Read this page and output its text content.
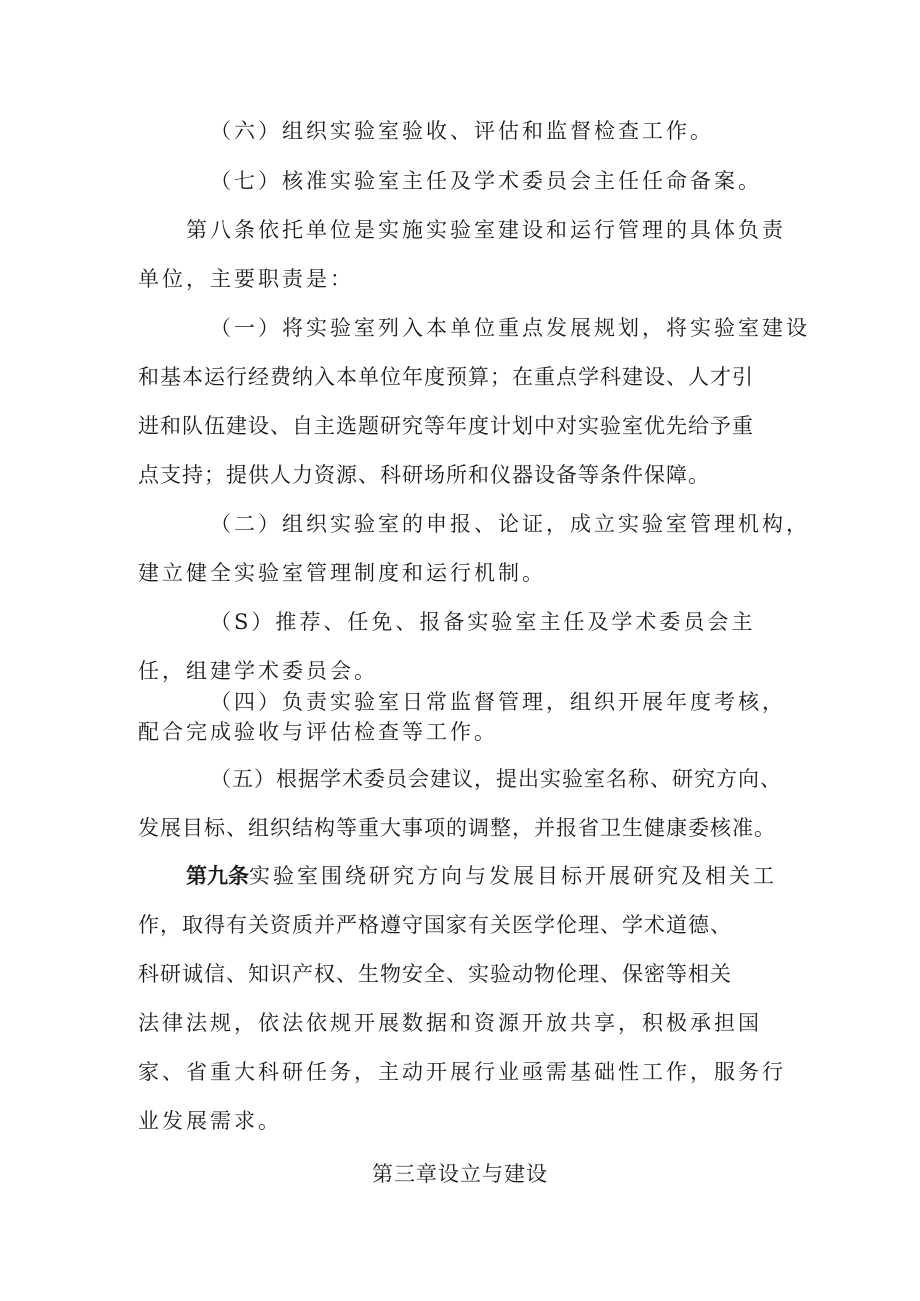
（六）组织实验室验收、评估和监督检查工作。
（七）核准实验室主任及学术委员会主任任命备案。
第八条依托单位是实施实验室建设和运行管理的具体负责
单位，主要职责是：
（一）将实验室列入本单位重点发展规划，将实验室建设
和基本运行经费纳入本单位年度预算；在重点学科建设、人才引
进和队伍建设、自主选题研究等年度计划中对实验室优先给予重
点支持；提供人力资源、科研场所和仪器设备等条件保障。
（二）组织实验室的申报、论证，成立实验室管理机构，
建立健全实验室管理制度和运行机制。
（S）推荐、任免、报备实验室主任及学术委员会主
任，组建学术委员会。
（四）负责实验室日常监督管理，组织开展年度考核，
配合完成验收与评估检查等工作。
（五）根据学术委员会建议，提出实验室名称、研究方向、
发展目标、组织结构等重大事项的调整，并报省卫生健康委核准。
第九条实验室围绕研究方向与发展目标开展研究及相关工
作，取得有关资质并严格遵守国家有关医学伦理、学术道德、
科研诚信、知识产权、生物安全、实验动物伦理、保密等相关
法律法规，依法依规开展数据和资源开放共享，积极承担国
家、省重大科研任务，主动开展行业亟需基础性工作，服务行
业发展需求。
第三章设立与建设
